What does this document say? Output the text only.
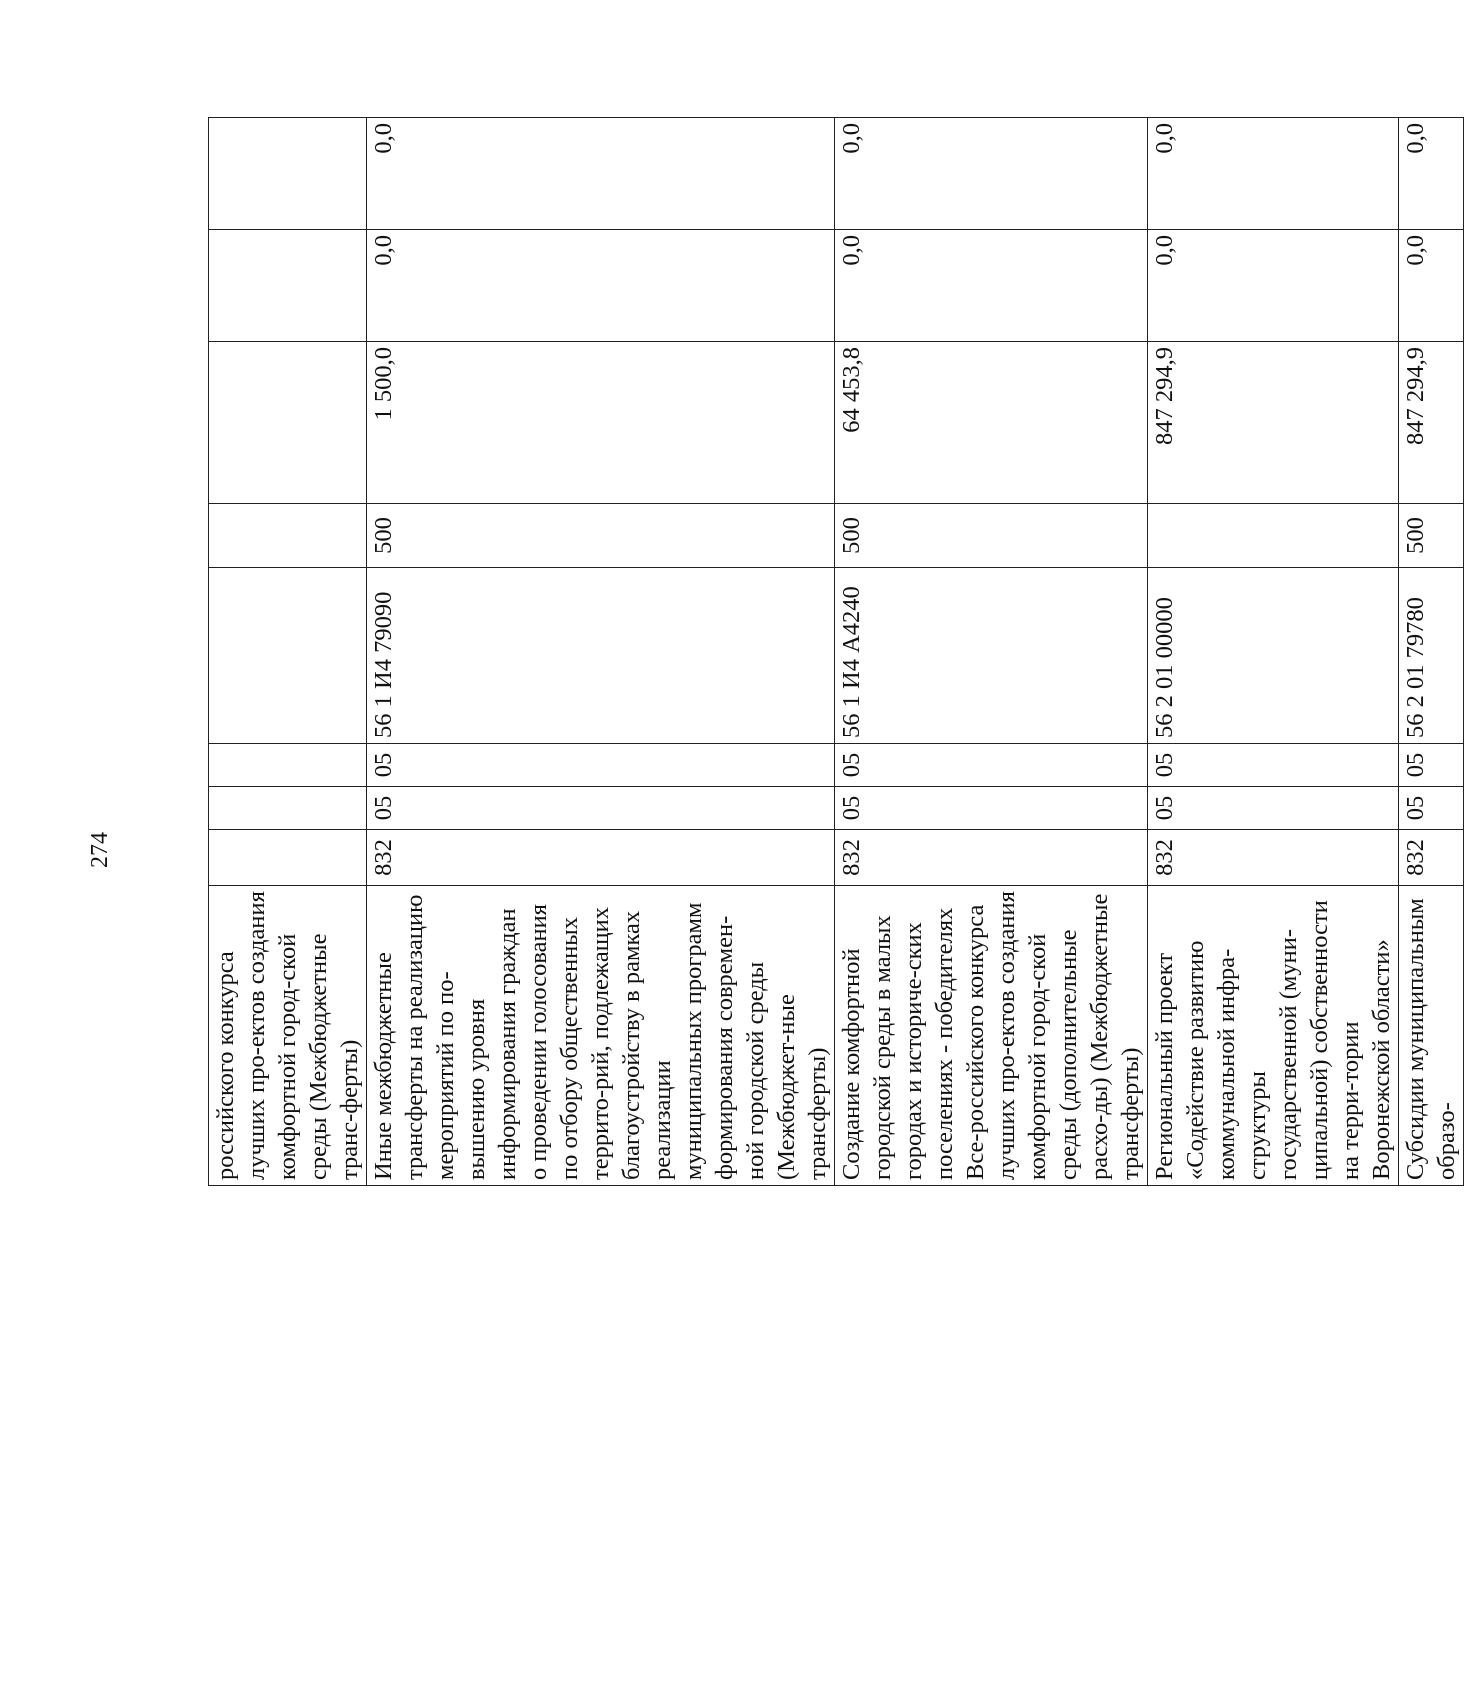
274
российского конкурса лучших про-ектов создания комфортной город-ской среды (Межбюджетные транс-ферты)								
Иные межбюджетные трансферты на реализацию мероприятий по по-вышению уровня информирования граждан о проведении голосования по отбору общественных террито-рий, подлежащих благоустройству в рамках реализации муниципальных программ формирования современ-ной городской среды (Межбюджет-ные трансферты)	832	05	05	56 1 И4 79090	500	1 500,0	0,0	0,0
Создание комфортной городской среды в малых городах и историче-ских поселениях - победителях Все-российского конкурса лучших про-ектов создания комфортной город-ской среды (дополнительные расхо-ды) (Межбюджетные трансферты)	832	05	05	56 1 И4 А4240	500	64 453,8	0,0	0,0
Региональный проект «Содействие развитию коммунальной инфра-структуры государственной (муни-ципальной) собственности на терри-тории Воронежской области»	832	05	05	56 2 01 00000		847 294,9	0,0	0,0
Субсидии муниципальным образо-	832	05	05	56 2 01 79780	500	847 294,9	0,0	0,0
